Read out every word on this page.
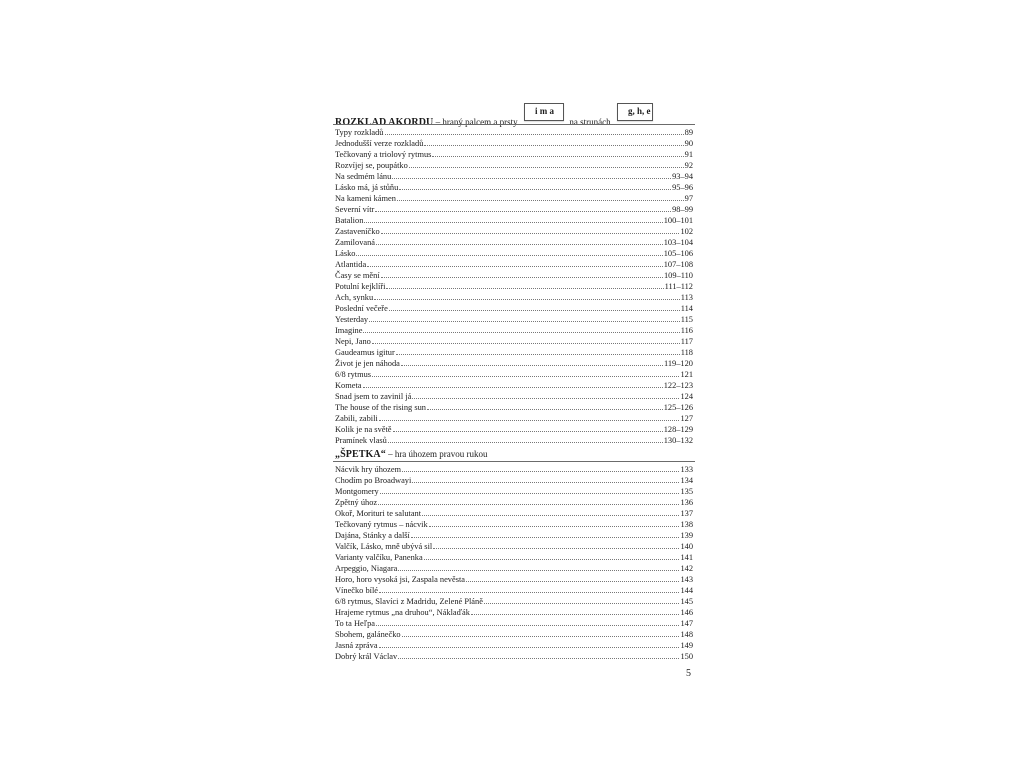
ROZKLAD AKORDU – hraný palcem a prsty i m a na strunách g, h, e
Typy rozkladů	89
Jednodušší verze rozkladů	90
Tečkovaný a triolový rytmus	91
Rozvíjej se, poupátko	92
Na sedmém lánu	93–94
Lásko má, já stůňu	95–96
Na kameni kámen	97
Severní vítr	98–99
Batalion	100–101
Zastaveníčko	102
Zamilovaná	103–104
Lásko	105–106
Atlantida	107–108
Časy se mění	109–110
Potulní kejklíři	111–112
Ach, synku	113
Poslední večeře	114
Yesterday	115
Imagine	116
Nepi, Jano	117
Gaudeamus igitur	118
Život je jen náhoda	119–120
6/8 rytmus	121
Kometa	122–123
Snad jsem to zavinil já	124
The house of the rising sun	125–126
Zabili, zabili	127
Kolik je na světě	128–129
Pramínek vlasů	130–132
„ŠPETKA“ – hra úhozem pravou rukou
Nácvik hry úhozem	133
Chodím po Broadwayi	134
Montgomery	135
Zpětný úhoz	136
Okoř, Morituri te salutant	137
Tečkovaný rytmus – nácvik	138
Dajána, Stánky a další	139
Valčík, Lásko, mně ubývá sil	140
Varianty valčíku, Panenka	141
Arpeggio, Niagara	142
Horo, horo vysoká jsi, Zaspala nevěsta	143
Vínečko bílé	144
6/8 rytmus, Slavíci z Madridu, Zelené Pláně	145
Hrajeme rytmus „na druhou“, Náklaďák	146
To ta Heľpa	147
Sbohem, galánečko	148
Jasná zpráva	149
Dobrý král Václav	150
5
